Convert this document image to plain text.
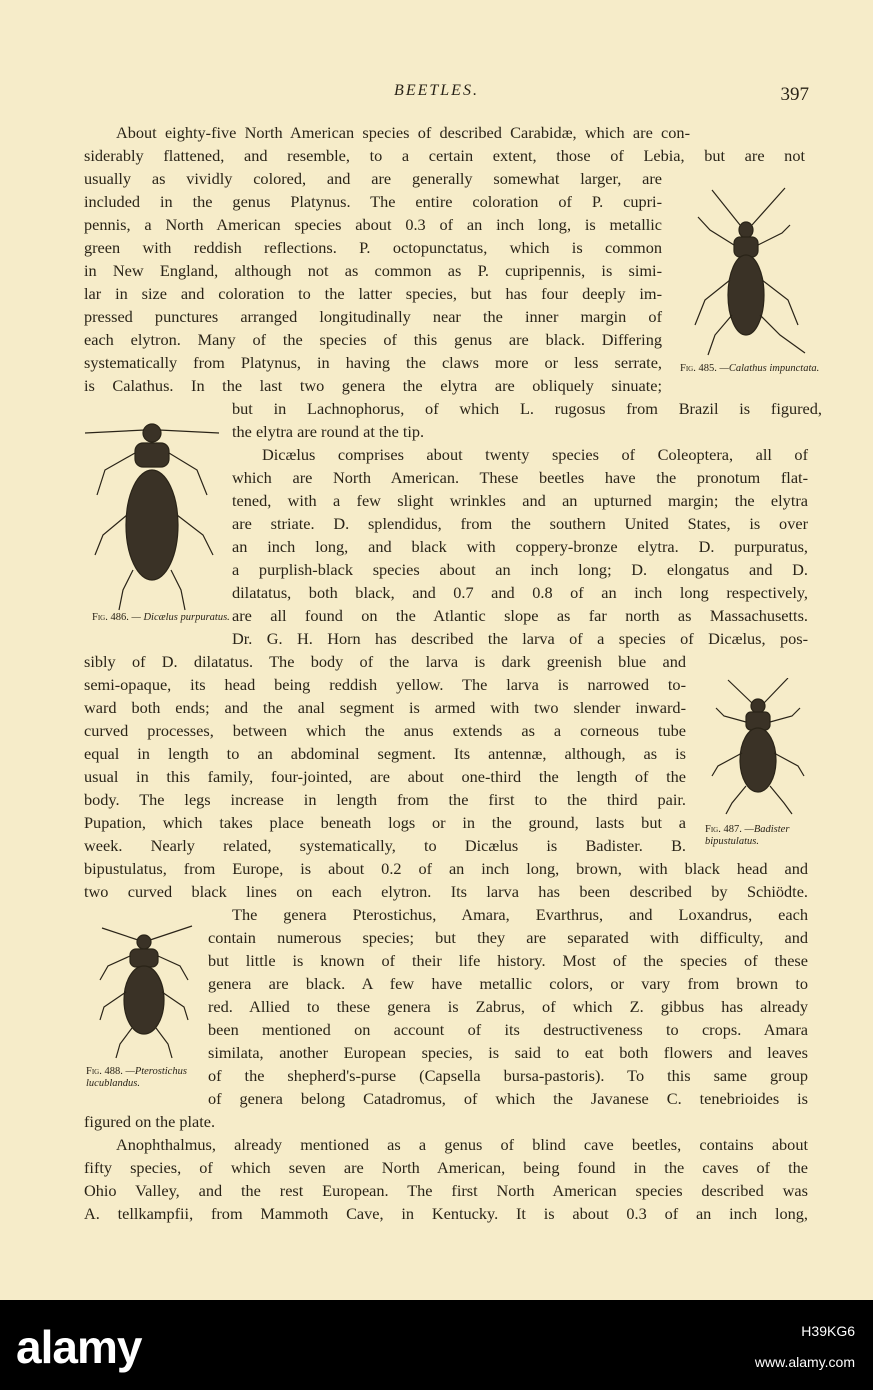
BEETLES.	397
About eighty-five North American species of described Carabidæ, which are con-
siderably flattened, and resemble, to a certain extent, those of Lebia, but are not
usually as vividly colored, and are generally somewhat larger, are
included in the genus Platynus. The entire coloration of P. cupri-
pennis, a North American species about 0.3 of an inch long, is metallic
green with reddish reflections. P. octopunctatus, which is common
in New England, although not as common as P. cupripennis, is simi-
lar in size and coloration to the latter species, but has four deeply im-
pressed punctures arranged longitudinally near the inner margin of
each elytron. Many of the species of this genus are black. Differing
systematically from Platynus, in having the claws more or less serrate,
is Calathus. In the last two genera the elytra are obliquely sinuate;
but in Lachnophorus, of which L. rugosus from Brazil is figured,
the elytra are round at the tip.
Dicælus comprises about twenty species of Coleoptera, all of
which are North American. These beetles have the pronotum flat-
tened, with a few slight wrinkles and an upturned margin; the elytra
are striate. D. splendidus, from the southern United States, is over
an inch long, and black with coppery-bronze elytra. D. purpuratus,
a purplish-black species about an inch long; D. elongatus and D.
dilatatus, both black, and 0.7 and 0.8 of an inch long respectively,
are all found on the Atlantic slope as far north as Massachusetts.
Dr. G. H. Horn has described the larva of a species of Dicælus, pos-
sibly of D. dilatatus. The body of the larva is dark greenish blue and
semi-opaque, its head being reddish yellow. The larva is narrowed to-
ward both ends; and the anal segment is armed with two slender inward-
curved processes, between which the anus extends as a corneous tube
equal in length to an abdominal segment. Its antennæ, although, as is
usual in this family, four-jointed, are about one-third the length of the
body. The legs increase in length from the first to the third pair.
Pupation, which takes place beneath logs or in the ground, lasts but a
week. Nearly related, systematically, to Dicælus is Badister. B.
bipustulatus, from Europe, is about 0.2 of an inch long, brown, with black head and
two curved black lines on each elytron. Its larva has been described by Schiödte.
The genera Pterostichus, Amara, Evarthrus, and Loxandrus, each
contain numerous species; but they are separated with difficulty, and
but little is known of their life history. Most of the species of these
genera are black. A few have metallic colors, or vary from brown to
red. Allied to these genera is Zabrus, of which Z. gibbus has already
been mentioned on account of its destructiveness to crops. Amara
similata, another European species, is said to eat both flowers and leaves
of the shepherd's-purse (Capsella bursa-pastoris). To this same group
of genera belong Catadromus, of which the Javanese C. tenebrioides is
figured on the plate.
Anophthalmus, already mentioned as a genus of blind cave beetles, contains about
fifty species, of which seven are North American, being found in the caves of the
Ohio Valley, and the rest European. The first North American species described was
A. tellkampfii, from Mammoth Cave, in Kentucky. It is about 0.3 of an inch long,
Fig. 485. —Calathus impunctata.
Fig. 486. — Dicælus purpuratus.
Fig. 487. —Badister bipustulatus.
Fig. 488. —Pterostichus lucublandus.
alamy	H39KG6
www.alamy.com
